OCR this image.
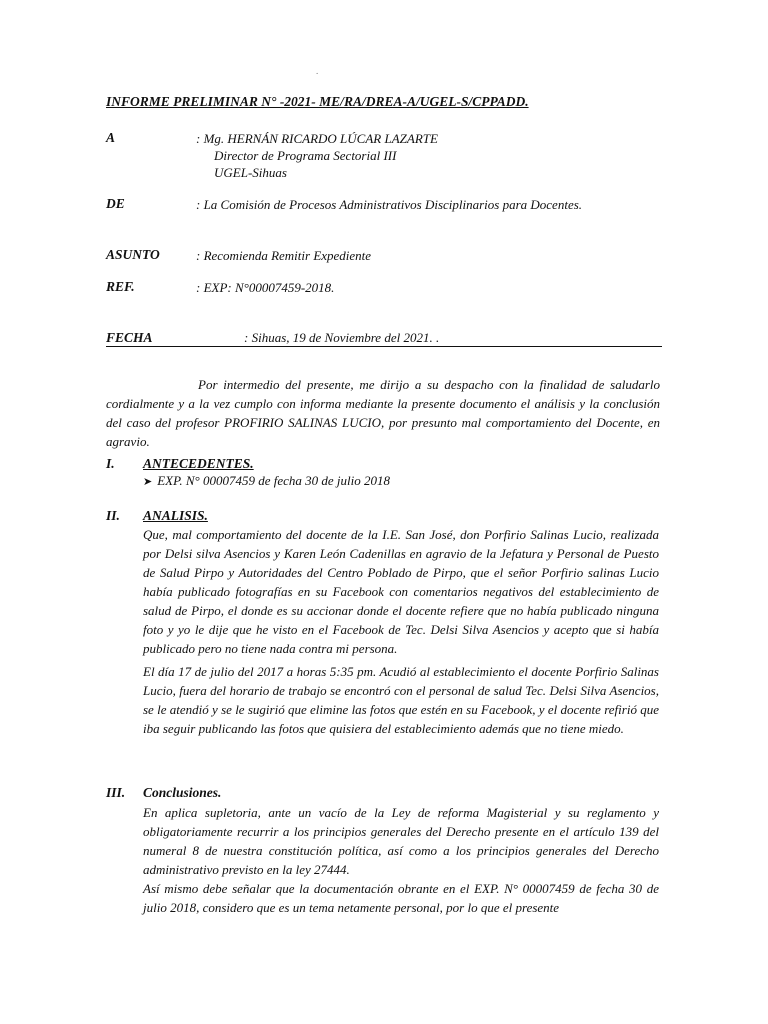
.
INFORME PRELIMINAR N° -2021- ME/RA/DREA-A/UGEL-S/CPPADD.
A	: Mg. HERNÁN RICARDO LÚCAR LAZARTE
Director de Programa Sectorial III
UGEL-Sihuas
DE	: La Comisión de Procesos Administrativos Disciplinarios para Docentes.
ASUNTO	: Recomienda Remitir Expediente
REF.	: EXP: N°00007459-2018.
FECHA	: Sihuas, 19 de Noviembre del 2021. .
Por intermedio del presente, me dirijo a su despacho con la finalidad de saludarlo cordialmente y a la vez cumplo con informa mediante la presente documento el análisis y la conclusión del caso del profesor PROFIRIO SALINAS LUCIO, por presunto mal comportamiento del Docente, en agravio.
I. ANTECEDENTES.
➤ EXP. N° 00007459 de fecha 30 de julio 2018
II. ANALISIS.
Que, mal comportamiento del docente de la I.E. San José, don Porfirio Salinas Lucio, realizada por Delsi silva Asencios y Karen León Cadenillas en agravio de la Jefatura y Personal de Puesto de Salud Pirpo y Autoridades del Centro Poblado de Pirpo, que el señor Porfirio salinas Lucio había publicado fotografías en su Facebook con comentarios negativos del establecimiento de salud de Pirpo, el donde es su accionar donde el docente refiere que no había publicado ninguna foto y yo le dije que he visto en el Facebook de Tec. Delsi Silva Asencios y acepto que si había publicado pero no tiene nada contra mi persona.
El día 17 de julio del 2017 a horas 5:35 pm. Acudió al establecimiento el docente Porfirio Salinas Lucio, fuera del horario de trabajo se encontró con el personal de salud Tec. Delsi Silva Asencios, se le atendió y se le sugirió que elimine las fotos que estén en su Facebook, y el docente refirió que iba seguir publicando las fotos que quisiera del establecimiento además que no tiene miedo.
III. Conclusiones.
En aplica supletoria, ante un vacío de la Ley de reforma Magisterial y su reglamento y obligatoriamente recurrir a los principios generales del Derecho presente en el artículo 139 del numeral 8 de nuestra constitución política, así como a los principios generales del Derecho administrativo previsto en la ley 27444.
Así mismo debe señalar que la documentación obrante en el EXP. N° 00007459 de fecha 30 de julio 2018, considero que es un tema netamente personal, por lo que el presente
